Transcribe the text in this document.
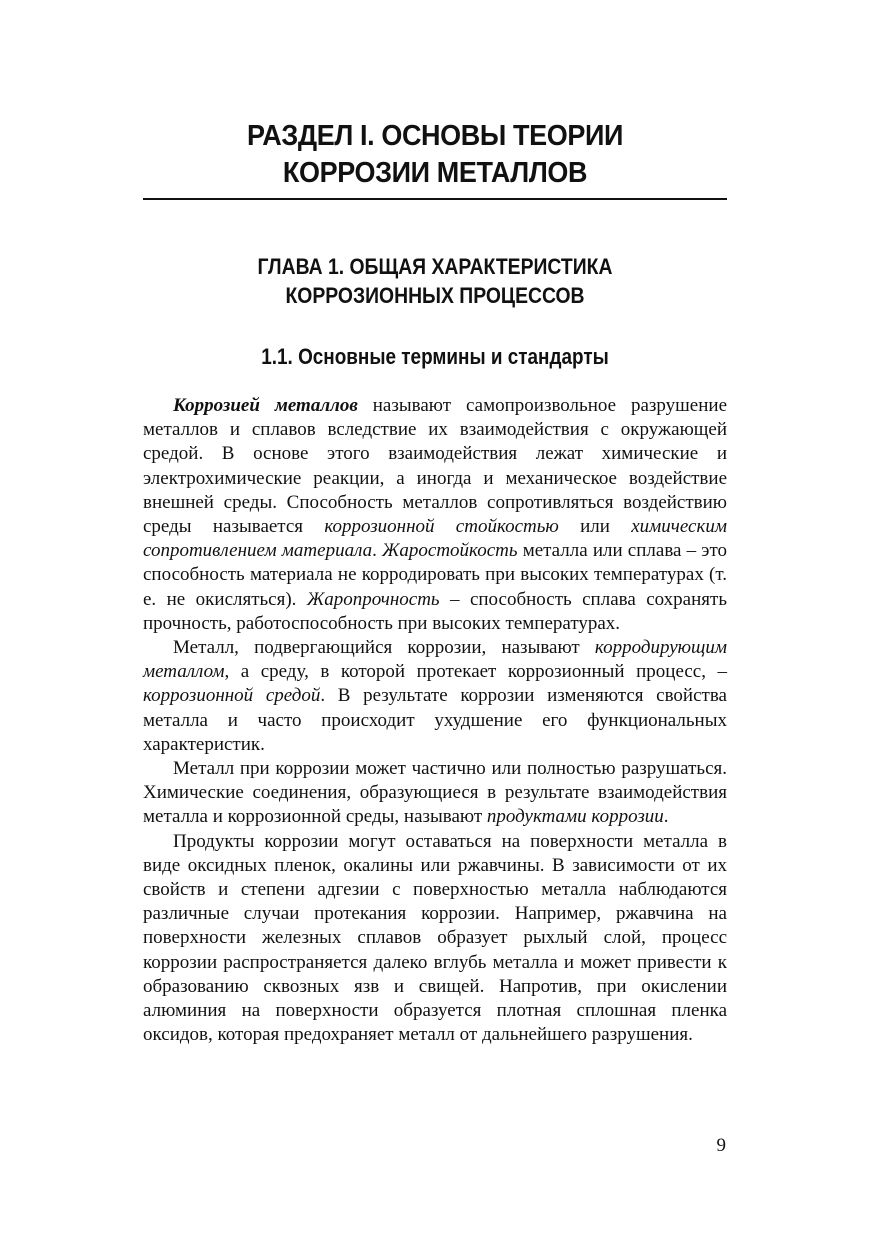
РАЗДЕЛ I. ОСНОВЫ ТЕОРИИ
КОРРОЗИИ МЕТАЛЛОВ
ГЛАВА 1. ОБЩАЯ ХАРАКТЕРИСТИКА
КОРРОЗИОННЫХ ПРОЦЕССОВ
1.1. Основные термины и стандарты

Коррозией металлов называют самопроизвольное разрушение металлов и сплавов вследствие их взаимодействия с окружающей средой. В основе этого взаимодействия лежат химические и электрохимические реакции, а иногда и механическое воздействие внешней среды. Способность металлов сопротивляться воздействию среды называется коррозионной стойкостью или химическим сопротивлением материала. Жаростойкость металла или сплава – это способность материала не корродировать при высоких температурах (т. е. не окисляться). Жаропрочность – способность сплава сохранять прочность, работоспособность при высоких температурах.

Металл, подвергающийся коррозии, называют корродирующим металлом, а среду, в которой протекает коррозионный процесс, – коррозионной средой. В результате коррозии изменяются свойства металла и часто происходит ухудшение его функциональных характеристик.

Металл при коррозии может частично или полностью разрушаться. Химические соединения, образующиеся в результате взаимодействия металла и коррозионной среды, называют продуктами коррозии.

Продукты коррозии могут оставаться на поверхности металла в виде оксидных пленок, окалины или ржавчины. В зависимости от их свойств и степени адгезии с поверхностью металла наблюдаются различные случаи протекания коррозии. Например, ржавчина на поверхности железных сплавов образует рыхлый слой, процесс коррозии распространяется далеко вглубь металла и может привести к образованию сквозных язв и свищей. Напротив, при окислении алюминия на поверхности образуется плотная сплошная пленка оксидов, которая предохраняет металл от дальнейшего разрушения.

9
